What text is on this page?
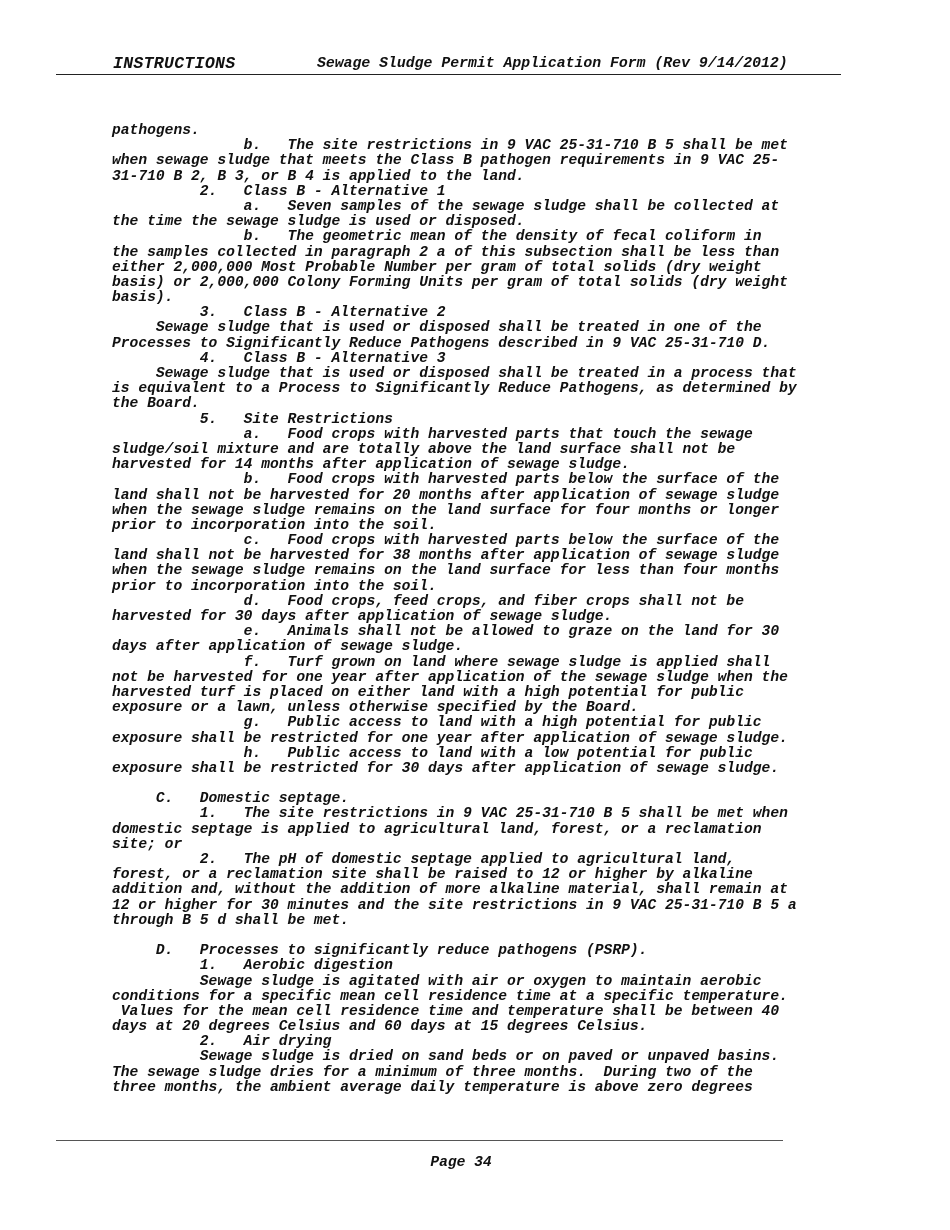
INSTRUCTIONS

	Sewage Sludge Permit Application Form (Rev 9/14/2012)

pathogens.
b.   The site restrictions in 9 VAC 25-31-710 B 5 shall be met
when sewage sludge that meets the Class B pathogen requirements in 9 VAC 25-
31-710 B 2, B 3, or B 4 is applied to the land.
2.   Class B - Alternative 1
a.   Seven samples of the sewage sludge shall be collected at
the time the sewage sludge is used or disposed.
b.   The geometric mean of the density of fecal coliform in
the samples collected in paragraph 2 a of this subsection shall be less than
either 2,000,000 Most Probable Number per gram of total solids (dry weight
basis) or 2,000,000 Colony Forming Units per gram of total solids (dry weight
basis).
3.   Class B - Alternative 2
Sewage sludge that is used or disposed shall be treated in one of the
Processes to Significantly Reduce Pathogens described in 9 VAC 25-31-710 D.
4.   Class B - Alternative 3
Sewage sludge that is used or disposed shall be treated in a process that
is equivalent to a Process to Significantly Reduce Pathogens, as determined by
the Board.
5.   Site Restrictions
a.   Food crops with harvested parts that touch the sewage
sludge/soil mixture and are totally above the land surface shall not be
harvested for 14 months after application of sewage sludge.
b.   Food crops with harvested parts below the surface of the
land shall not be harvested for 20 months after application of sewage sludge
when the sewage sludge remains on the land surface for four months or longer
prior to incorporation into the soil.
c.   Food crops with harvested parts below the surface of the
land shall not be harvested for 38 months after application of sewage sludge
when the sewage sludge remains on the land surface for less than four months
prior to incorporation into the soil.
d.   Food crops, feed crops, and fiber crops shall not be
harvested for 30 days after application of sewage sludge.
e.   Animals shall not be allowed to graze on the land for 30
days after application of sewage sludge.
f.   Turf grown on land where sewage sludge is applied shall
not be harvested for one year after application of the sewage sludge when the
harvested turf is placed on either land with a high potential for public
exposure or a lawn, unless otherwise specified by the Board.
g.   Public access to land with a high potential for public
exposure shall be restricted for one year after application of sewage sludge.
h.   Public access to land with a low potential for public
exposure shall be restricted for 30 days after application of sewage sludge.
C.   Domestic septage.
1.   The site restrictions in 9 VAC 25-31-710 B 5 shall be met when
domestic septage is applied to agricultural land, forest, or a reclamation
site; or
2.   The pH of domestic septage applied to agricultural land,
forest, or a reclamation site shall be raised to 12 or higher by alkaline
addition and, without the addition of more alkaline material, shall remain at
12 or higher for 30 minutes and the site restrictions in 9 VAC 25-31-710 B 5 a
through B 5 d shall be met.
D.   Processes to significantly reduce pathogens (PSRP).
1.   Aerobic digestion
Sewage sludge is agitated with air or oxygen to maintain aerobic
conditions for a specific mean cell residence time at a specific temperature.
Values for the mean cell residence time and temperature shall be between 40
days at 20 degrees Celsius and 60 days at 15 degrees Celsius.
2.   Air drying
Sewage sludge is dried on sand beds or on paved or unpaved basins.
The sewage sludge dries for a minimum of three months.  During two of the
three months, the ambient average daily temperature is above zero degrees
Page 34
